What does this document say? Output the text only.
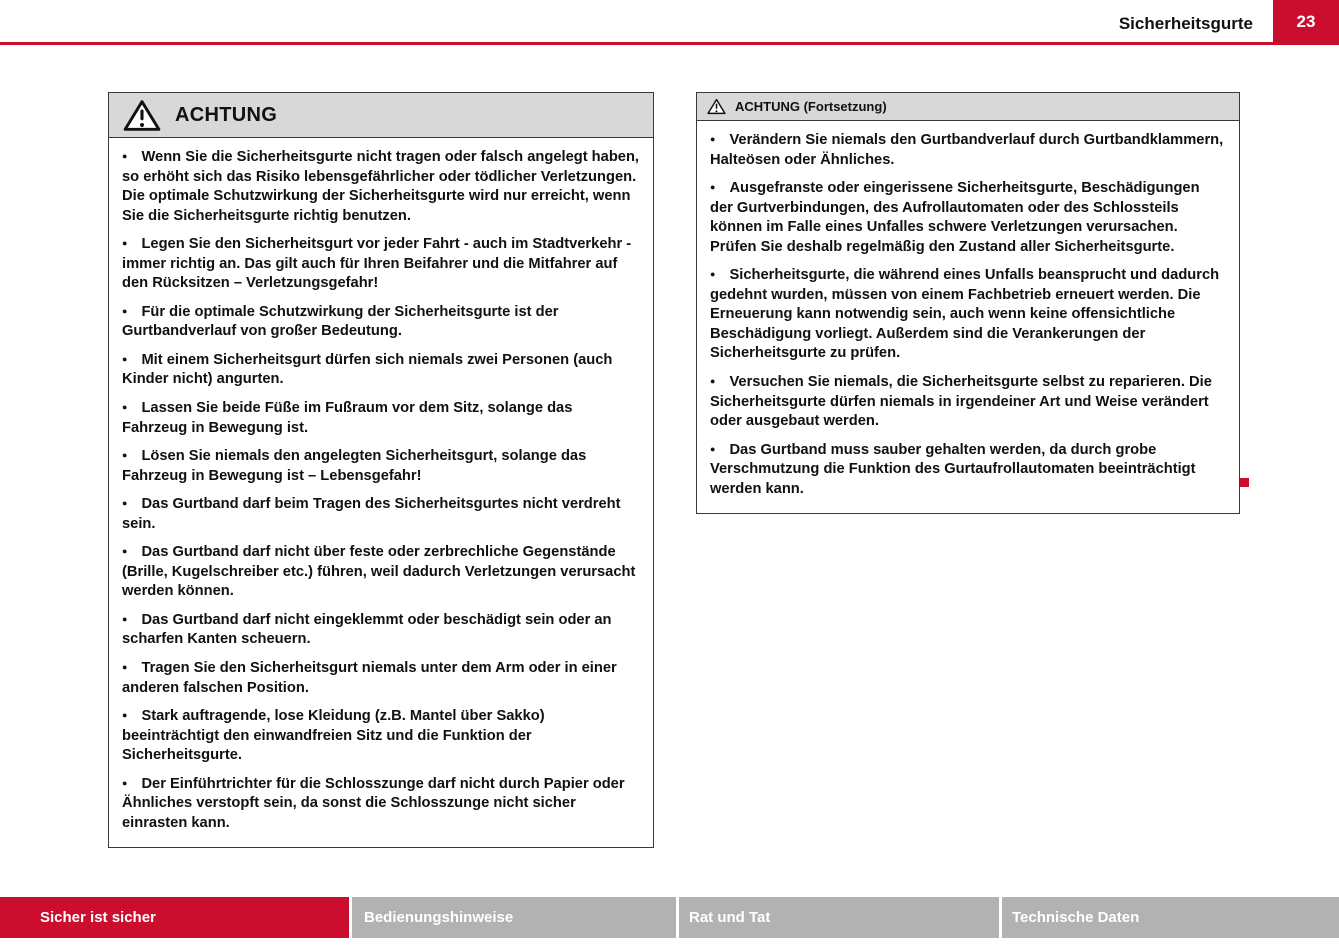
Sicherheitsgurte	23
ACHTUNG

● Wenn Sie die Sicherheitsgurte nicht tragen oder falsch angelegt haben, so erhöht sich das Risiko lebensgefährlicher oder tödlicher Verletzungen. Die optimale Schutzwirkung der Sicherheitsgurte wird nur erreicht, wenn Sie die Sicherheitsgurte richtig benutzen.

● Legen Sie den Sicherheitsgurt vor jeder Fahrt - auch im Stadtverkehr - immer richtig an. Das gilt auch für Ihren Beifahrer und die Mitfahrer auf den Rücksitzen – Verletzungsgefahr!

● Für die optimale Schutzwirkung der Sicherheitsgurte ist der Gurtbandverlauf von großer Bedeutung.

● Mit einem Sicherheitsgurt dürfen sich niemals zwei Personen (auch Kinder nicht) angurten.

● Lassen Sie beide Füße im Fußraum vor dem Sitz, solange das Fahrzeug in Bewegung ist.

● Lösen Sie niemals den angelegten Sicherheitsgurt, solange das Fahrzeug in Bewegung ist – Lebensgefahr!

● Das Gurtband darf beim Tragen des Sicherheitsgurtes nicht verdreht sein.

● Das Gurtband darf nicht über feste oder zerbrechliche Gegenstände (Brille, Kugelschreiber etc.) führen, weil dadurch Verletzungen verursacht werden können.

● Das Gurtband darf nicht eingeklemmt oder beschädigt sein oder an scharfen Kanten scheuern.

● Tragen Sie den Sicherheitsgurt niemals unter dem Arm oder in einer anderen falschen Position.

● Stark auftragende, lose Kleidung (z.B. Mantel über Sakko) beeinträchtigt den einwandfreien Sitz und die Funktion der Sicherheitsgurte.

● Der Einführtrichter für die Schlosszunge darf nicht durch Papier oder Ähnliches verstopft sein, da sonst die Schlosszunge nicht sicher einrasten kann.

ACHTUNG (Fortsetzung)

● Verändern Sie niemals den Gurtbandverlauf durch Gurtbandklammern, Halteösen oder Ähnliches.

● Ausgefranste oder eingerissene Sicherheitsgurte, Beschädigungen der Gurtverbindungen, des Aufrollautomaten oder des Schlossteils können im Falle eines Unfalles schwere Verletzungen verursachen. Prüfen Sie deshalb regelmäßig den Zustand aller Sicherheitsgurte.

● Sicherheitsgurte, die während eines Unfalls beansprucht und dadurch gedehnt wurden, müssen von einem Fachbetrieb erneuert werden. Die Erneuerung kann notwendig sein, auch wenn keine offensichtliche Beschädigung vorliegt. Außerdem sind die Verankerungen der Sicherheitsgurte zu prüfen.

● Versuchen Sie niemals, die Sicherheitsgurte selbst zu reparieren. Die Sicherheitsgurte dürfen niemals in irgendeiner Art und Weise verändert oder ausgebaut werden.

● Das Gurtband muss sauber gehalten werden, da durch grobe Verschmutzung die Funktion des Gurtaufrollautomaten beeinträchtigt werden kann.

Sicher ist sicher	Bedienungshinweise	Rat und Tat	Technische Daten
